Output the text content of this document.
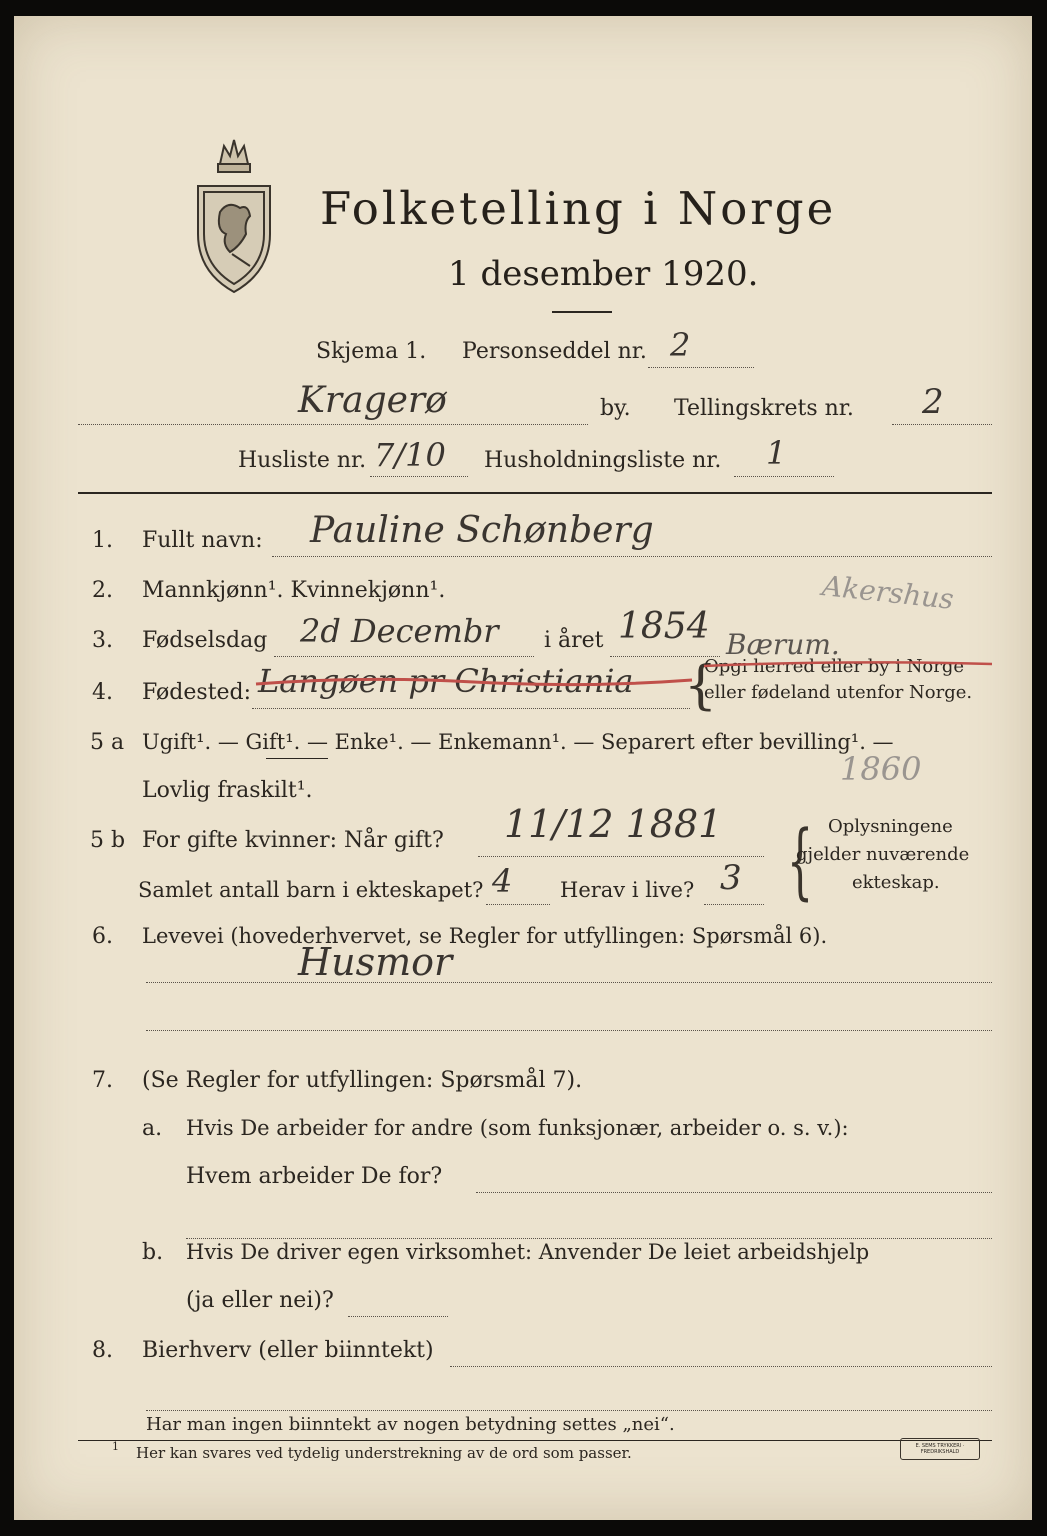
Folketelling i Norge
1 desember 1920.
Skjema 1. Personseddel nr. 2
Kragerø	by. Tellingskrets nr. 2
Husliste nr. 7/10 Husholdningsliste nr. 1
1. Fullt navn: Pauline Schønberg
2. Mannkjønn¹. Kvinnekjønn¹.	Akershus
3. Fødselsdag 2d Decembr i året 1854 Bærum.
4. Fødested: Langøen pr Christiania {
Opgi herred eller by i Norge
eller fødeland utenfor Norge.
5 a Ugift¹. — Gift¹. — Enke¹. — Enkemann¹. — Separert efter bevilling¹. —
Lovlig fraskilt¹.
1860
5 b For gifte kvinner: Når gift? 11/12 1881
Samlet antall barn i ekteskapet? 4 Herav i live? 3 { Oplysningene
gjelder nuværende
ekteskap.
6. Levevei (hovederhvervet, se Regler for utfyllingen: Spørsmål 6).
Husmor
7. (Se Regler for utfyllingen: Spørsmål 7).
a. Hvis De arbeider for andre (som funksjonær, arbeider o. s. v.):
Hvem arbeider De for?
b. Hvis De driver egen virksomhet: Anvender De leiet arbeidshjelp
(ja eller nei)?
8. Bierhverv (eller biinntekt)
Har man ingen biinntekt av nogen betydning settes „nei“.
1 Her kan svares ved tydelig understrekning av de ord som passer.	E. SEMS TRYKKERI · FREDRIKSHALD
